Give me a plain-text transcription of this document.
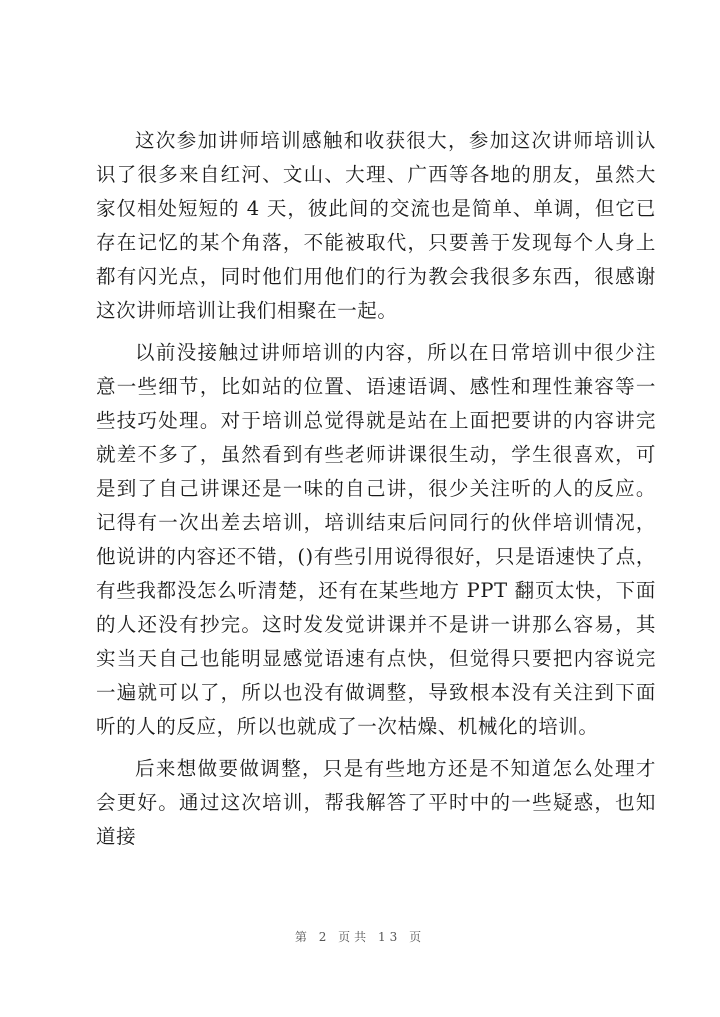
这次参加讲师培训感触和收获很大，参加这次讲师培训认识了很多来自红河、文山、大理、广西等各地的朋友，虽然大家仅相处短短的 4 天，彼此间的交流也是简单、单调，但它已存在记忆的某个角落，不能被取代，只要善于发现每个人身上都有闪光点，同时他们用他们的行为教会我很多东西，很感谢这次讲师培训让我们相聚在一起。

以前没接触过讲师培训的内容，所以在日常培训中很少注意一些细节，比如站的位置、语速语调、感性和理性兼容等一些技巧处理。对于培训总觉得就是站在上面把要讲的内容讲完就差不多了，虽然看到有些老师讲课很生动，学生很喜欢，可是到了自己讲课还是一味的自己讲，很少关注听的人的反应。记得有一次出差去培训，培训结束后问同行的伙伴培训情况，他说讲的内容还不错，()有些引用说得很好，只是语速快了点，有些我都没怎么听清楚，还有在某些地方 PPT 翻页太快，下面的人还没有抄完。这时发发觉讲课并不是讲一讲那么容易，其实当天自己也能明显感觉语速有点快，但觉得只要把内容说完一遍就可以了，所以也没有做调整，导致根本没有关注到下面听的人的反应，所以也就成了一次枯燥、机械化的培训。

后来想做要做调整，只是有些地方还是不知道怎么处理才会更好。通过这次培训，帮我解答了平时中的一些疑惑，也知道接

第 2 页共 13 页
